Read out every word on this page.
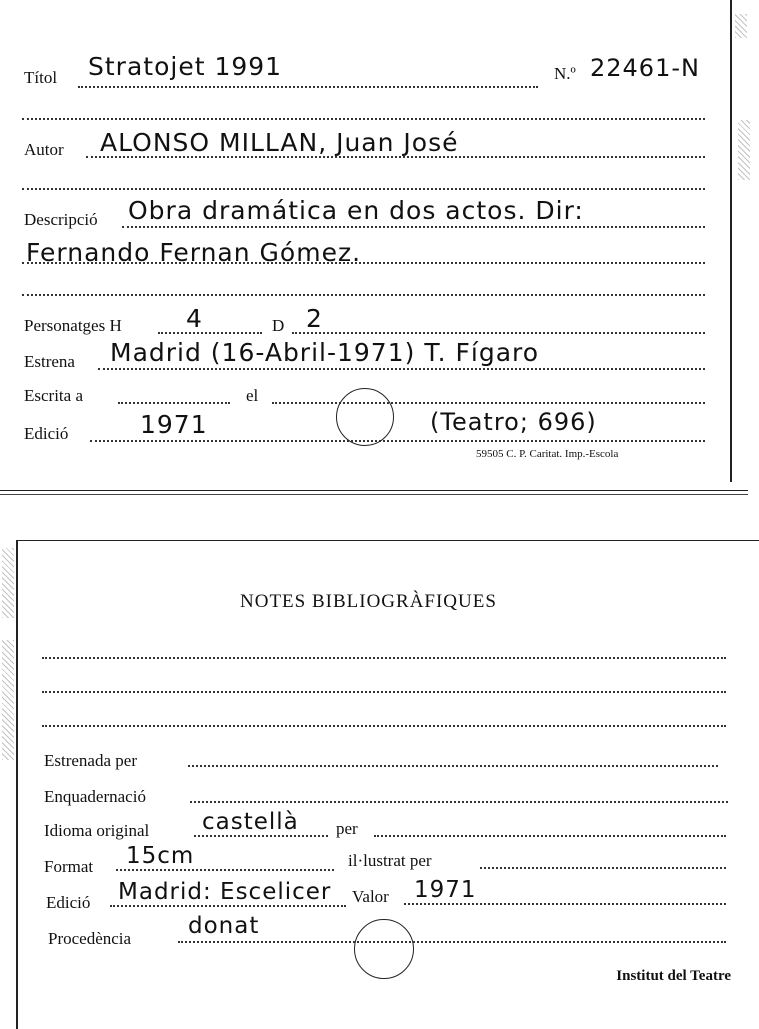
Títol Stratojet 1991	N.º 22461-N
Autor ALONSO MILLAN, Juan José
Descripció Obra dramática en dos actos. Dir:
Fernando Fernan Gómez.
Personatges H	4	D 2
Estrena Madrid (16-Abril-1971) T. Fígaro
Escrita a	el
Edició	1971	(Teatro; 696)
59505 C. P. Caritat. Imp.-Escola
NOTES BIBLIOGRÀFIQUES
Estrenada per
Enquadernació
Idioma original castellà per
Format 15cm	il·lustrat per
Edició Madrid: Escelicer Valor 1971
Procedència donat
Institut del Teatre
